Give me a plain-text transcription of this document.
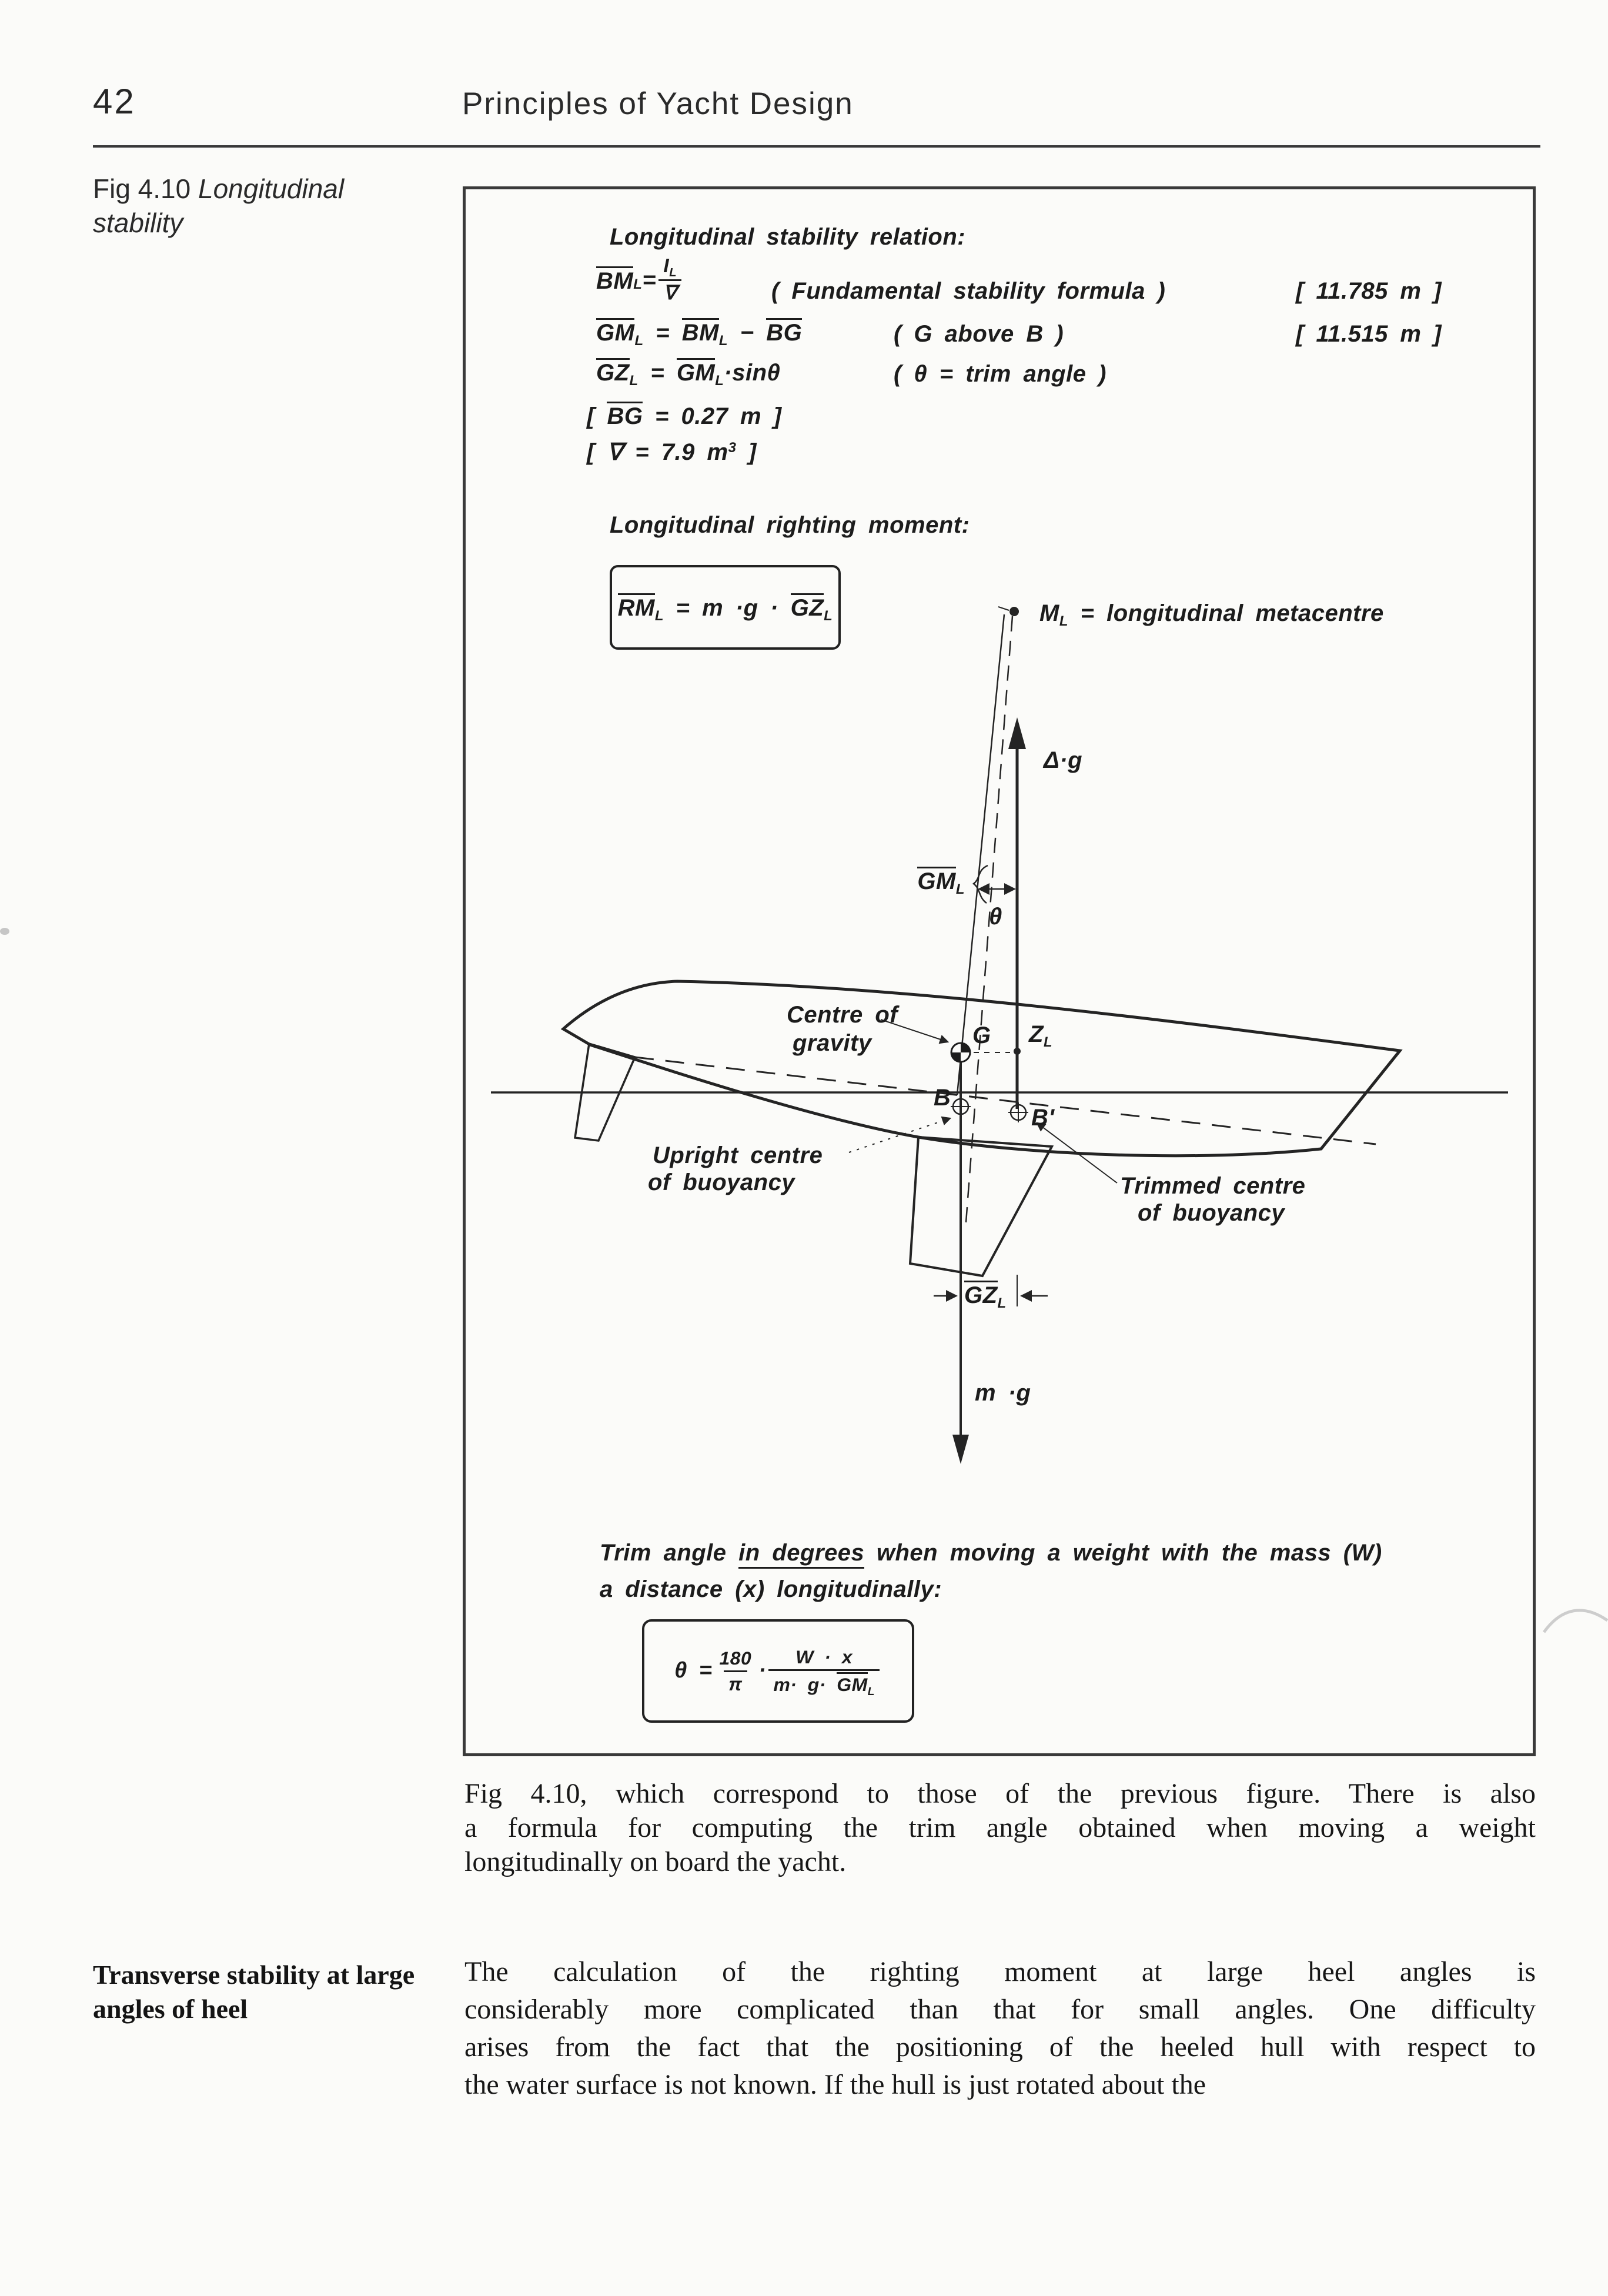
42	Principles of Yacht Design
Fig 4.10 Longitudinal
stability	Longitudinal stability relation:
$BM_L = \frac{I_L}{\nabla}$	( Fundamental stability formula )	[ 11.785 m ]
$GM_L = BM_L$ − BG	( G above B )	[ 11.515 m ]
$GZ_L = GM_L\cdot\sin\theta$	( θ = trim angle )
[ BG = 0.27 m ]
[ ∇ = 7.9 $m^3$ ]
Longitudinal righting moment:
$RM_L = m \cdot g \cdot GZ_L$	$M_L$ = longitudinal metacentre
Δ·g
$GM_L$
θ
Centre of
gravity	G $Z_L$
B
B'
Upright centre
of buoyancy	Trimmed centre
of buoyancy
$GZ_L$
m ·g
Trim angle in degrees when moving a weight with the mass (W)
a distance (x) longitudinally:
$\theta = \frac{180}{\pi} \cdot \frac{W \cdot x}{m\cdot g\cdot GM_L}$
Fig 4.10, which correspond to those of the previous figure. There is also
a formula for computing the trim angle obtained when moving a weight
longitudinally on board the yacht.
Transverse stability at large angles of heel
The calculation of the righting moment at large heel angles is
considerably more complicated than that for small angles. One difficulty
arises from the fact that the positioning of the heeled hull with respect to
the water surface is not known. If the hull is just rotated about the
